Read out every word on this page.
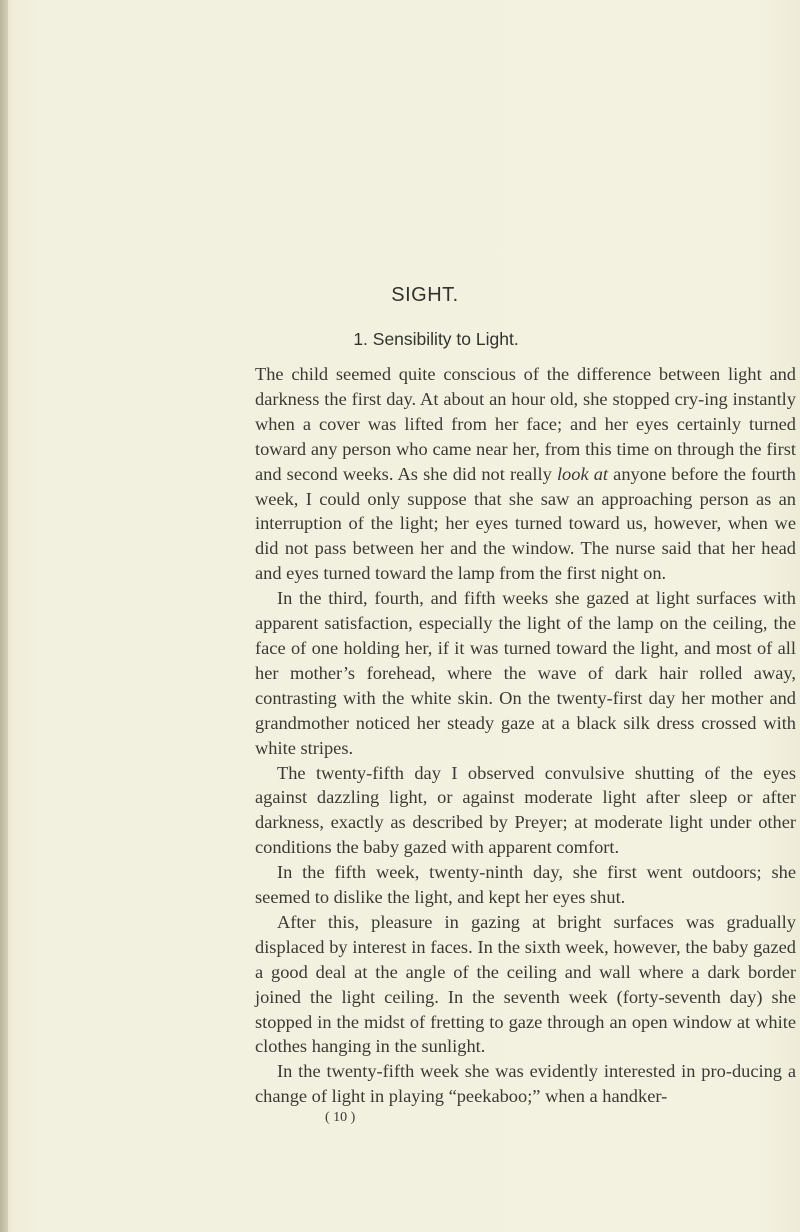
SIGHT.
1. Sensibility to Light.

The child seemed quite conscious of the difference between light and darkness the first day. At about an hour old, she stopped cry-ing instantly when a cover was lifted from her face; and her eyes certainly turned toward any person who came near her, from this time on through the first and second weeks. As she did not really look at anyone before the fourth week, I could only suppose that she saw an approaching person as an interruption of the light; her eyes turned toward us, however, when we did not pass between her and the window. The nurse said that her head and eyes turned toward the lamp from the first night on.

In the third, fourth, and fifth weeks she gazed at light surfaces with apparent satisfaction, especially the light of the lamp on the ceiling, the face of one holding her, if it was turned toward the light, and most of all her mother’s forehead, where the wave of dark hair rolled away, contrasting with the white skin. On the twenty-first day her mother and grandmother noticed her steady gaze at a black silk dress crossed with white stripes.

The twenty-fifth day I observed convulsive shutting of the eyes against dazzling light, or against moderate light after sleep or after darkness, exactly as described by Preyer; at moderate light under other conditions the baby gazed with apparent comfort.

In the fifth week, twenty-ninth day, she first went outdoors; she seemed to dislike the light, and kept her eyes shut.

After this, pleasure in gazing at bright surfaces was gradually displaced by interest in faces. In the sixth week, however, the baby gazed a good deal at the angle of the ceiling and wall where a dark border joined the light ceiling. In the seventh week (forty-seventh day) she stopped in the midst of fretting to gaze through an open window at white clothes hanging in the sunlight.

In the twenty-fifth week she was evidently interested in pro-ducing a change of light in playing “peekaboo;” when a handker-

( 10 )
